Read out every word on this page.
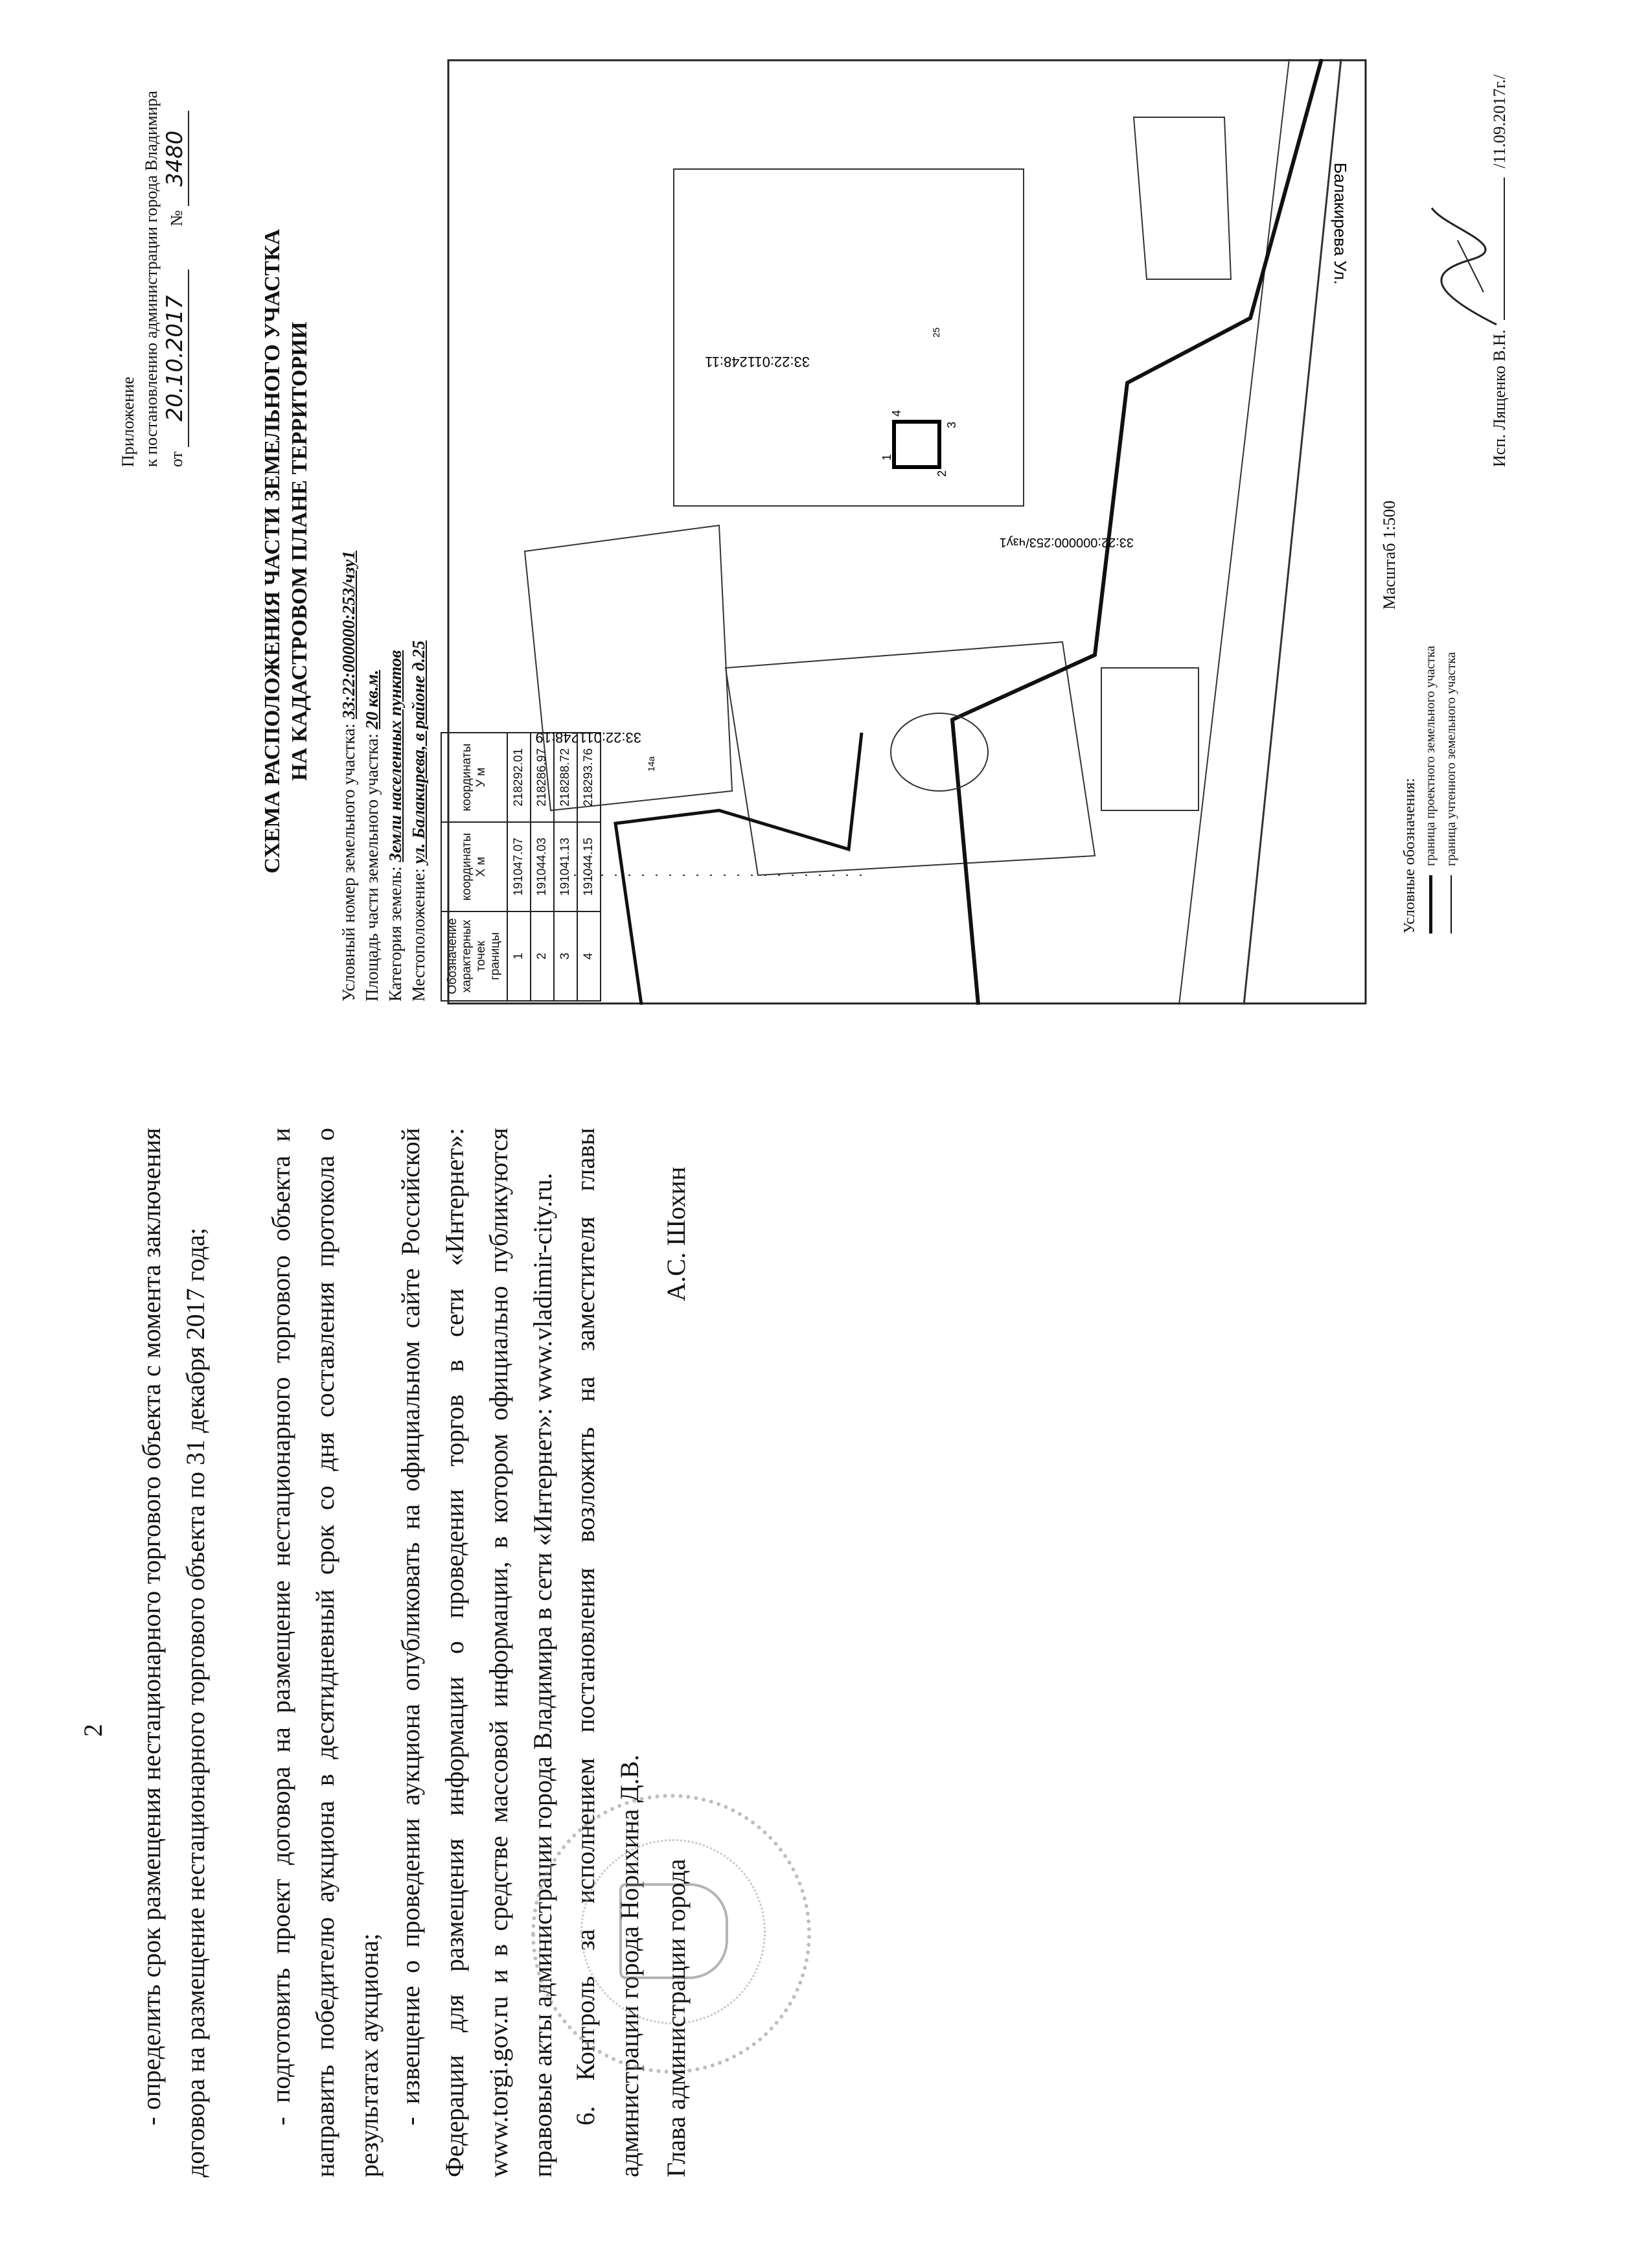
2 - определить срок размещения нестационарного торгового объекта с момента заключения договора на размещение нестационарного торгового объекта по 31 декабря 2017 года;	- подготовить проект договора на размещение нестационарного торгового объекта и направить победителю аукциона в десятидневный срок со дня составления протокола о результатах аукциона; - извещение о проведении аукциона опубликовать на официальном сайте Российской Федерации для размещения информации о проведении торгов в сети «Интернет»: www.torgi.gov.ru и в средстве массовой информации, в котором официально публикуются правовые акты администрации города Владимира в сети «Интернет»: www.vladimir-city.ru. 6. Контроль за исполнением постановления возложить на заместителя главы администрации города Норихина Д.В. Глава администрации города
А.С. Шохин
Приложение к постановлению администрации города Владимира от 20.10.2017 № 3480
СХЕМА РАСПОЛОЖЕНИЯ ЧАСТИ ЗЕМЕЛЬНОГО УЧАСТКА НА КАДАСТРОВОМ ПЛАНЕ ТЕРРИТОРИИ
Условный номер земельного участка: 33:22:000000:253/чзу1
Площадь части земельного участка: 20 кв.м.
Категория земель: Земли населенных пунктов
Местоположение: ул. Балакирева, в районе д.25
Балакирева Ул.
33:22:011248:11
25
33:22:011248:19
14а
33:22:000000:253/чзу1
1
2
3
4
Обозначение характерных точек границы	координаты X м	координаты У м
1	191047.07	218292.01
2	191044.03	218286.97
3	191041.13	218288.72
4	191044.15	218293.76
Масштаб 1:500
Условные обозначения: граница проектного земельного участка граница учтенного земельного участка
Исп. Лященко В.Н.  /11.09.2017г./
